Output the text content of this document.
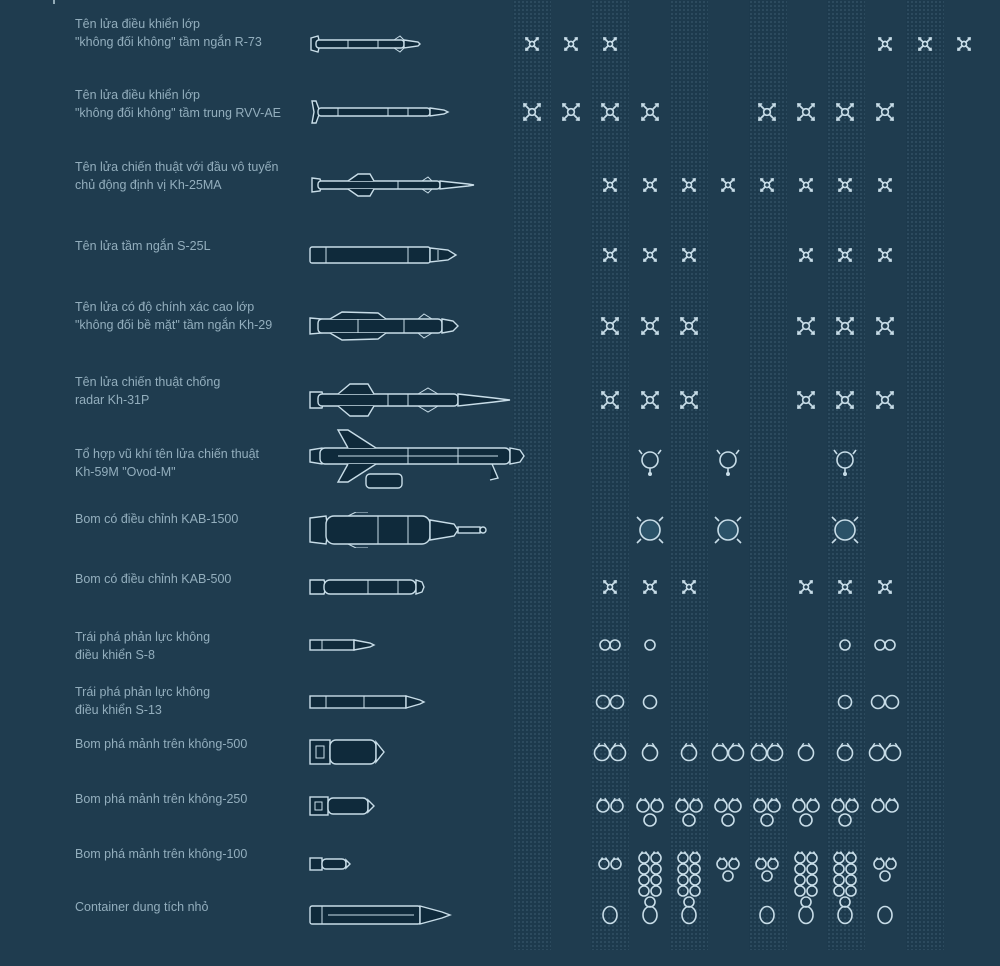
Tên lửa điều khiển lớp
"không đối không" tầm ngắn R-73
Tên lửa điều khiển lớp
"không đối không" tầm trung RVV-AE
Tên lửa chiến thuật với đầu vô tuyến
chủ động định vị Kh-25MA
Tên lửa tầm ngắn S-25L
Tên lửa có độ chính xác cao lớp
"không đối bề mặt" tầm ngắn Kh-29
Tên lửa chiến thuật chống
radar Kh-31P
Tổ hợp vũ khí tên lửa chiến thuật
Kh-59M "Ovod-M"
Bom có điều chỉnh KAB-1500
Bom có điều chỉnh KAB-500
Trái phá phản lực không
điều khiển S-8
Trái phá phản lực không
điều khiển S-13
Bom phá mảnh trên không-500
Bom phá mảnh trên không-250
Bom phá mảnh trên không-100
Container dung tích nhỏ
